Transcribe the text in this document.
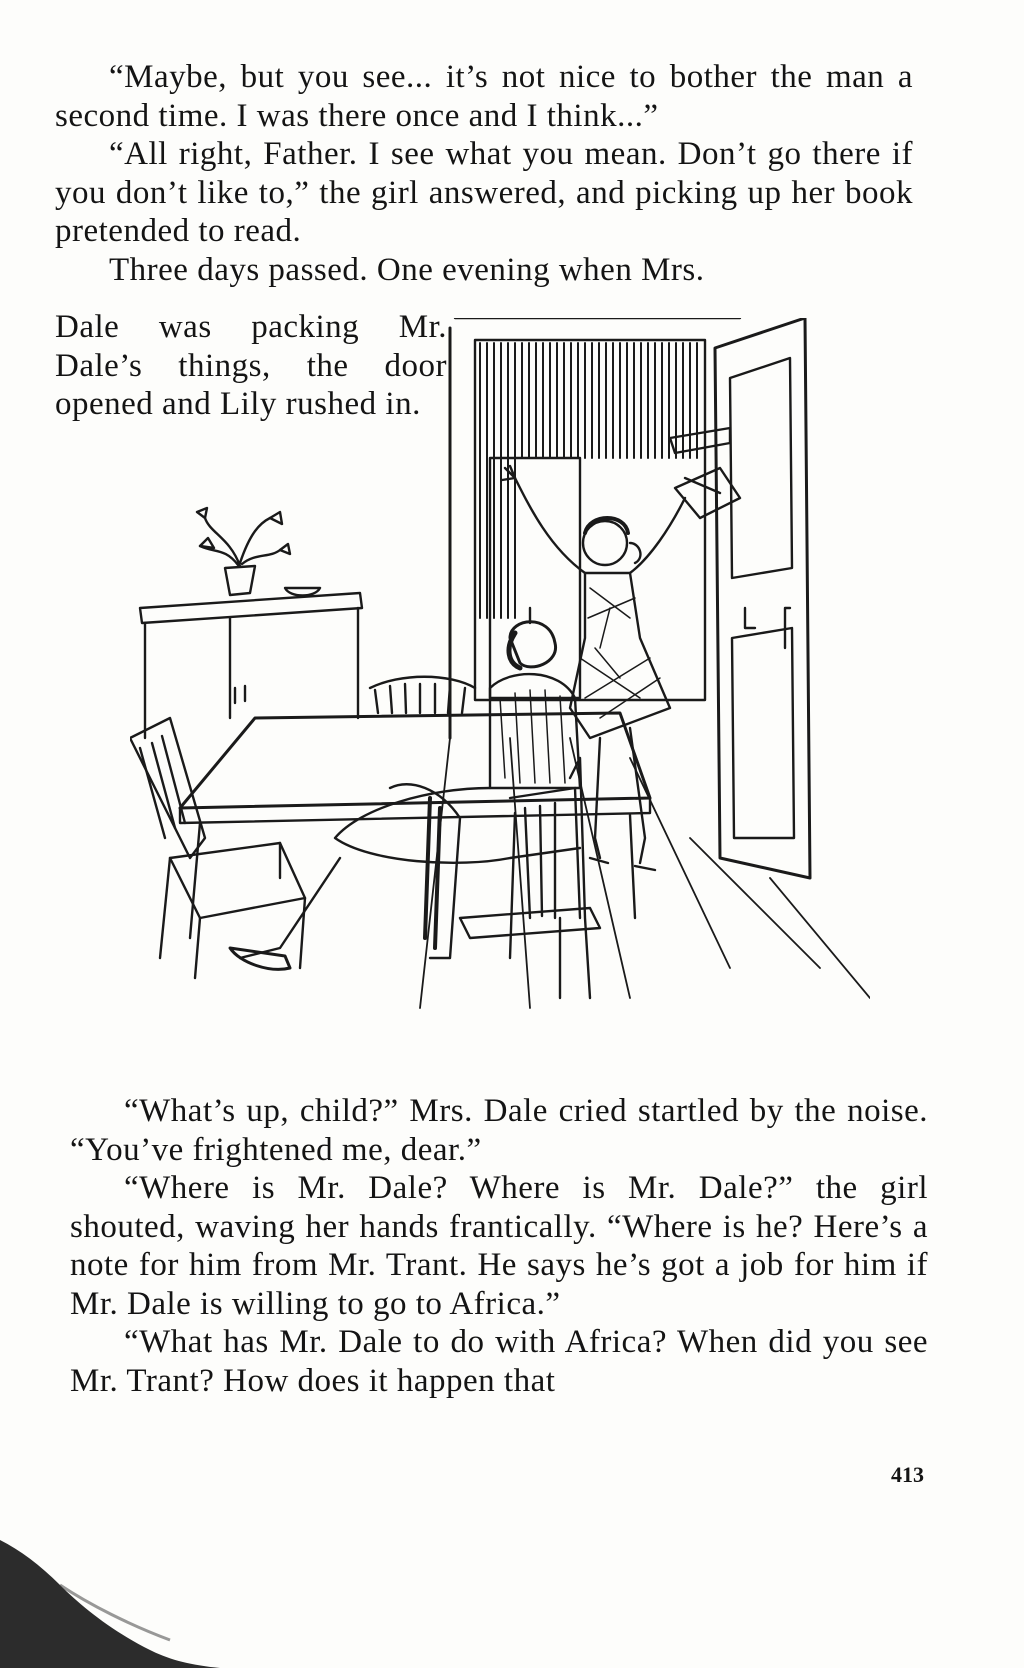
“Maybe, but you see... it’s not nice to bother the man a second time. I was there once and I think...”

“All right, Father. I see what you mean. Don’t go there if you don’t like to,” the girl answered, and picking up her book pretended to read.

Three days passed. One evening when Mrs.

Dale was packing Mr. Dale’s things, the door opened and Lily rushed in.

“What’s up, child?” Mrs. Dale cried startled by the noise. “You’ve frightened me, dear.”

“Where is Mr. Dale? Where is Mr. Dale?” the girl shouted, waving her hands frantically. “Where is he? Here’s a note for him from Mr. Trant. He says he’s got a job for him if Mr. Dale is willing to go to Africa.”

“What has Mr. Dale to do with Africa? When did you see Mr. Trant? How does it happen that

413
